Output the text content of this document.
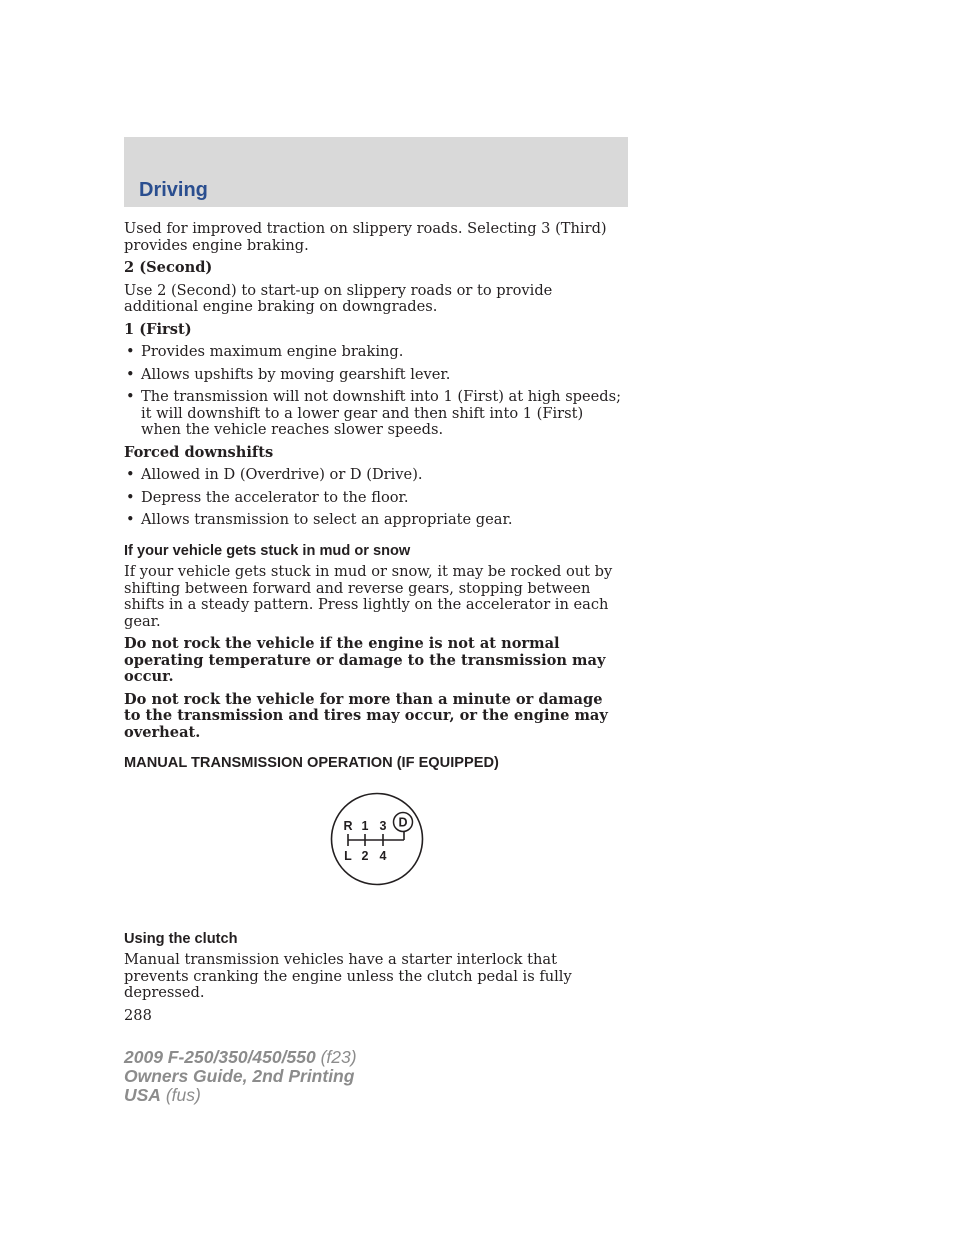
Driving

Used for improved traction on slippery roads. Selecting 3 (Third) provides engine braking.

2 (Second)

Use 2 (Second) to start-up on slippery roads or to provide additional engine braking on downgrades.

1 (First)
• Provides maximum engine braking.
• Allows upshifts by moving gearshift lever.
• The transmission will not downshift into 1 (First) at high speeds; it will downshift to a lower gear and then shift into 1 (First) when the vehicle reaches slower speeds.
Forced downshifts
• Allowed in D (Overdrive) or D (Drive).
• Depress the accelerator to the floor.
• Allows transmission to select an appropriate gear.
If your vehicle gets stuck in mud or snow

If your vehicle gets stuck in mud or snow, it may be rocked out by shifting between forward and reverse gears, stopping between shifts in a steady pattern. Press lightly on the accelerator in each gear.

Do not rock the vehicle if the engine is not at normal operating temperature or damage to the transmission may occur.

Do not rock the vehicle for more than a minute or damage to the transmission and tires may occur, or the engine may overheat.

MANUAL TRANSMISSION OPERATION (IF EQUIPPED)
R 1 3 D
L 2 4
Using the clutch

Manual transmission vehicles have a starter interlock that prevents cranking the engine unless the clutch pedal is fully depressed.

288
2009 F-250/350/450/550 (f23)
Owners Guide, 2nd Printing
USA (fus)
